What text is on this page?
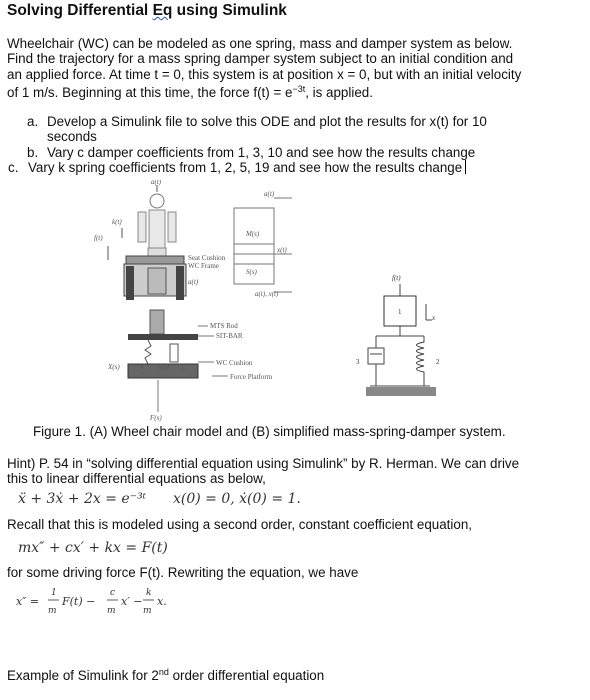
Solving Differential Eq using Simulink
Wheelchair (WC) can be modeled as one spring, mass and damper system as below.
Find the trajectory for a mass spring damper system subject to an initial condition and
an applied force. At time t = 0, this system is at position x = 0, but with an initial velocity
of 1 m/s. Beginning at this time, the force $f(t) = e^{-3t}$, is applied.
a. Develop a Simulink file to solve this ODE and plot the results for x(t) for 10
seconds
b. Vary c damper coefficients from 1, 3, 10 and see how the results change
c. Vary k spring coefficients from 1, 2, 5, 19 and see how the results change
a(t)
a(t)
k(t)
f(t)	M(s)
S(s)
x(t)
a(t), x(t)
Seat Cushion
WC Frame
a(t)
MTS Rod
SIT-BAR
X(s)	K S(s) C	WC Cushion
Force Platform
F(s)
f(t)
1
x
3	2
Figure 1. (A) Wheel chair model and (B) simplified mass-spring-damper system.
Hint) P. 54 in “solving differential equation using Simulink” by R. Herman. We can drive
this to linear differential equations as below,
ẍ + 3ẋ + 2x = e⁻³ᵗ x(0) = 0, ẋ(0) = 1.
Recall that this is modeled using a second order, constant coefficient equation,
mx″ + cx′ + kx = F(t)
for some driving force F(t). Rewriting the equation, we have
x″ =
1
m
F(t) −
c
m
x′ −
k
m
x.
Example of Simulink for 2nd order differential equation
